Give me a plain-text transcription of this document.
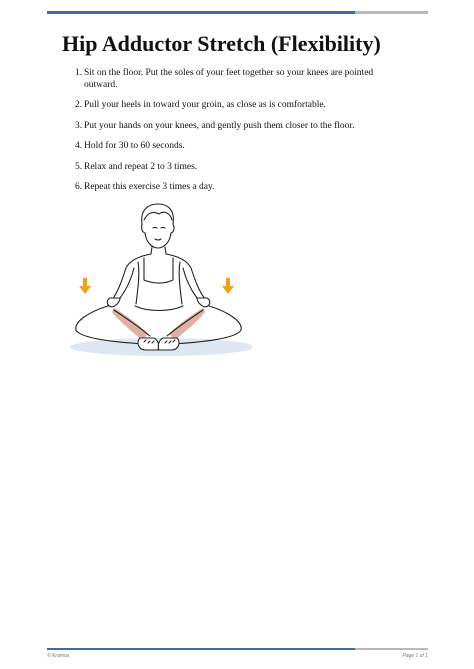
Hip Adductor Stretch (Flexibility)
1. Sit on the floor. Put the soles of your feet together so your knees are pointed outward.
2. Pull your heels in toward your groin, as close as is comfortable.
3. Put your hands on your knees, and gently push them closer to the floor.
4. Hold for 30 to 60 seconds.
5. Relax and repeat 2 to 3 times.
6. Repeat this exercise 3 times a day.
© Kramos	Page 1 of 1
